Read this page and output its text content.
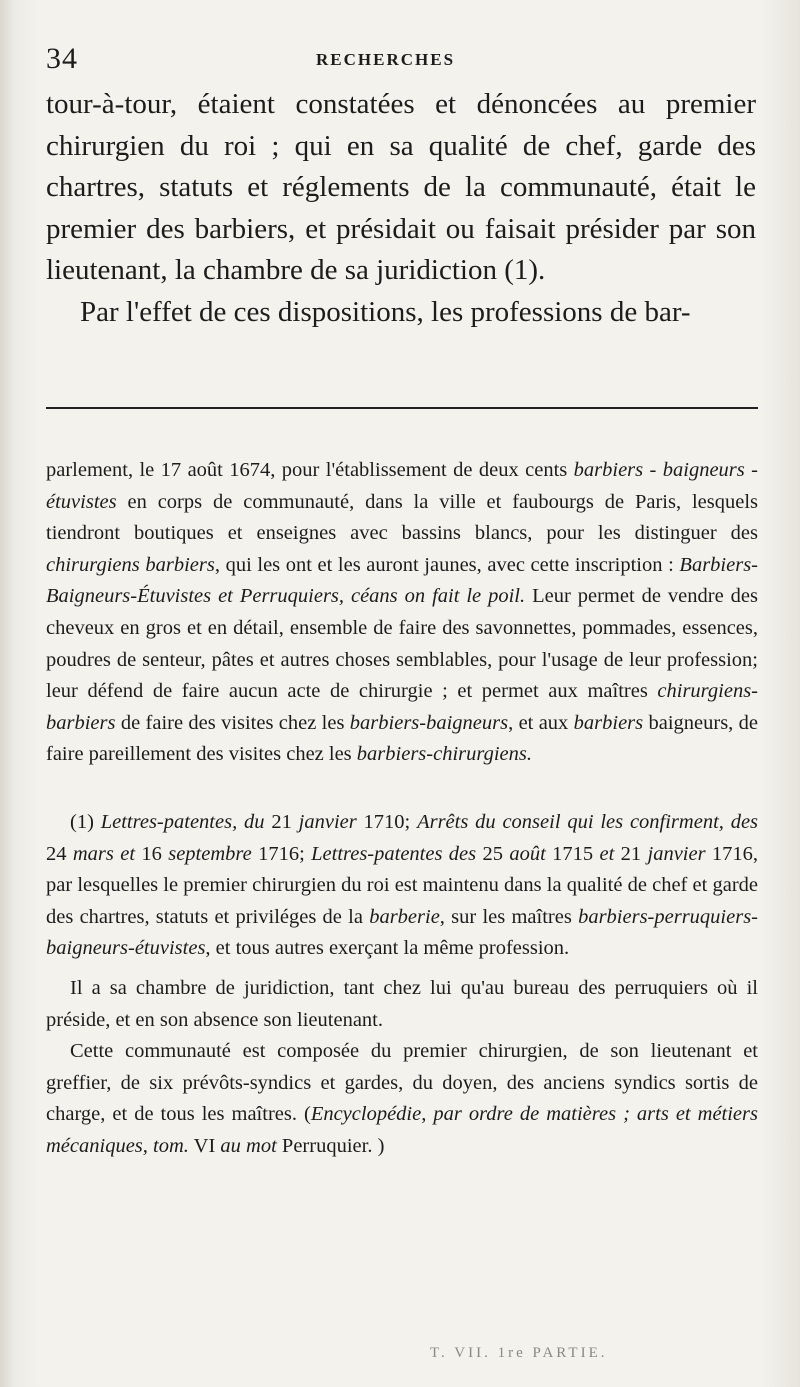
34	RECHERCHES

tour-à-tour, étaient constatées et dénoncées au premier chirurgien du roi ; qui en sa qualité de chef, garde des chartres, statuts et réglements de la communauté, était le premier des barbiers, et présidait ou faisait présider par son lieutenant, la chambre de sa juridiction (1).

Par l'effet de ces dispositions, les professions de bar-

parlement, le 17 août 1674, pour l'établissement de deux cents barbiers - baigneurs - étuvistes en corps de communauté, dans la ville et faubourgs de Paris, lesquels tiendront boutiques et enseignes avec bassins blancs, pour les distinguer des chirurgiens barbiers, qui les ont et les auront jaunes, avec cette inscription : Barbiers-Baigneurs-Étuvistes et Perruquiers, céans on fait le poil. Leur permet de vendre des cheveux en gros et en détail, ensemble de faire des savonnettes, pommades, essences, poudres de senteur, pâtes et autres choses semblables, pour l'usage de leur profession; leur défend de faire aucun acte de chirurgie ; et permet aux maîtres chirurgiens-barbiers de faire des visites chez les barbiers-baigneurs, et aux barbiers baigneurs, de faire pareillement des visites chez les barbiers-chirurgiens.

(1) Lettres-patentes, du 21 janvier 1710; Arrêts du conseil qui les confirment, des 24 mars et 16 septembre 1716; Lettres-patentes des 25 août 1715 et 21 janvier 1716, par lesquelles le premier chirurgien du roi est maintenu dans la qualité de chef et garde des chartres, statuts et priviléges de la barberie, sur les maîtres barbiers-perruquiers-baigneurs-étuvistes, et tous autres exerçant la même profession.

Il a sa chambre de juridiction, tant chez lui qu'au bureau des perruquiers où il préside, et en son absence son lieutenant.

Cette communauté est composée du premier chirurgien, de son lieutenant et greffier, de six prévôts-syndics et gardes, du doyen, des anciens syndics sortis de charge, et de tous les maîtres. (Encyclopédie, par ordre de matières ; arts et métiers mécaniques, tom. VI au mot Perruquier. )

T. VII. 1re PARTIE.
